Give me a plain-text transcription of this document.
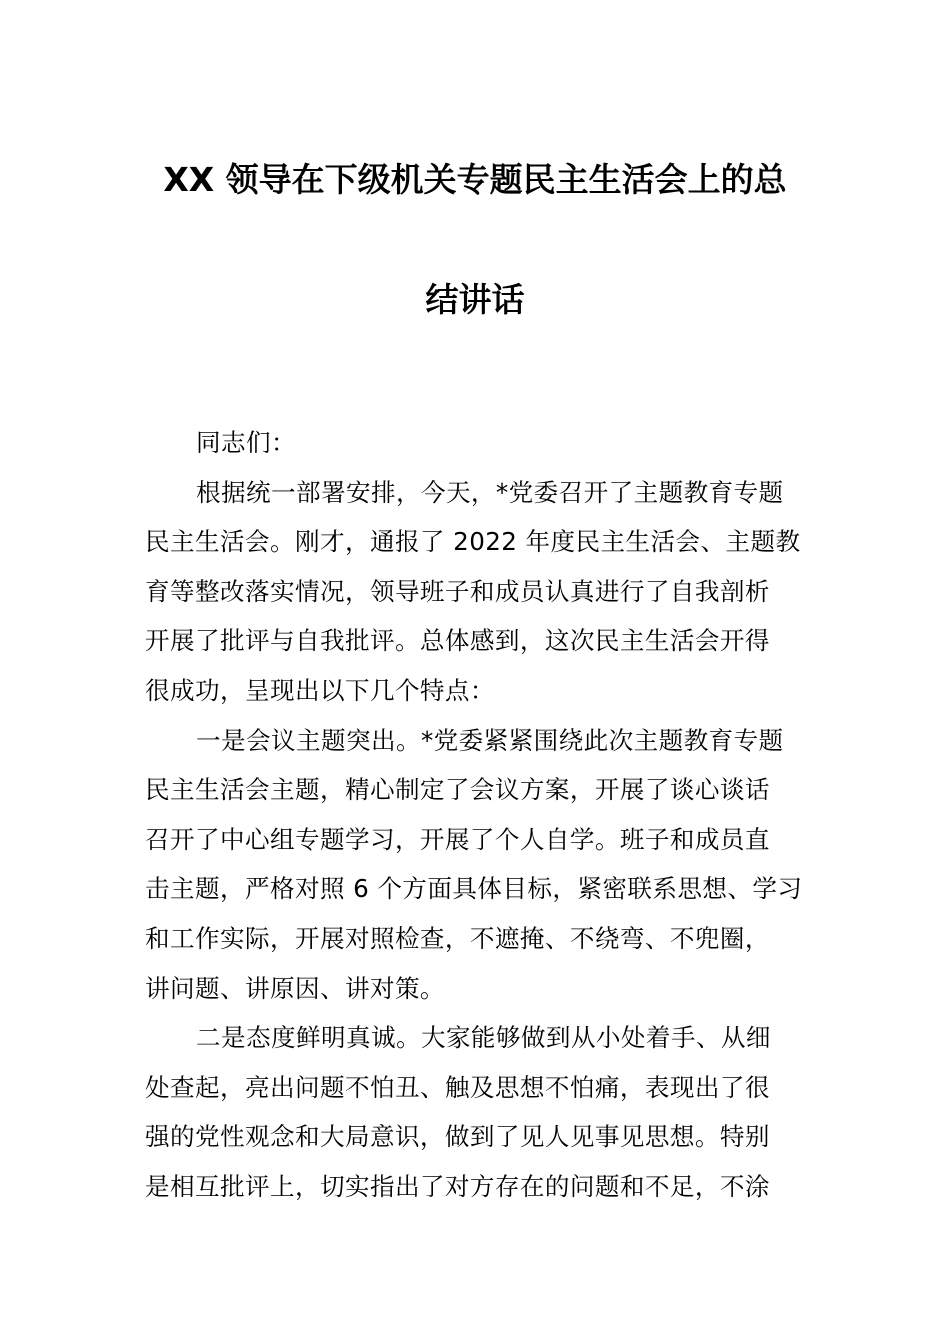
XX 领导在下级机关专题民主生活会上的总
结讲话
同志们：
根据统一部署安排，今天，*党委召开了主题教育专题
民主生活会。刚才，通报了 2022 年度民主生活会、主题教
育等整改落实情况，领导班子和成员认真进行了自我剖析
开展了批评与自我批评。总体感到，这次民主生活会开得
很成功，呈现出以下几个特点：
一是会议主题突出。*党委紧紧围绕此次主题教育专题
民主生活会主题，精心制定了会议方案，开展了谈心谈话
召开了中心组专题学习，开展了个人自学。班子和成员直
击主题，严格对照 6 个方面具体目标，紧密联系思想、学习
和工作实际，开展对照检查，不遮掩、不绕弯、不兜圈，
讲问题、讲原因、讲对策。
二是态度鲜明真诚。大家能够做到从小处着手、从细
处查起，亮出问题不怕丑、触及思想不怕痛，表现出了很
强的党性观念和大局意识，做到了见人见事见思想。特别
是相互批评上，切实指出了对方存在的问题和不足，不涂
